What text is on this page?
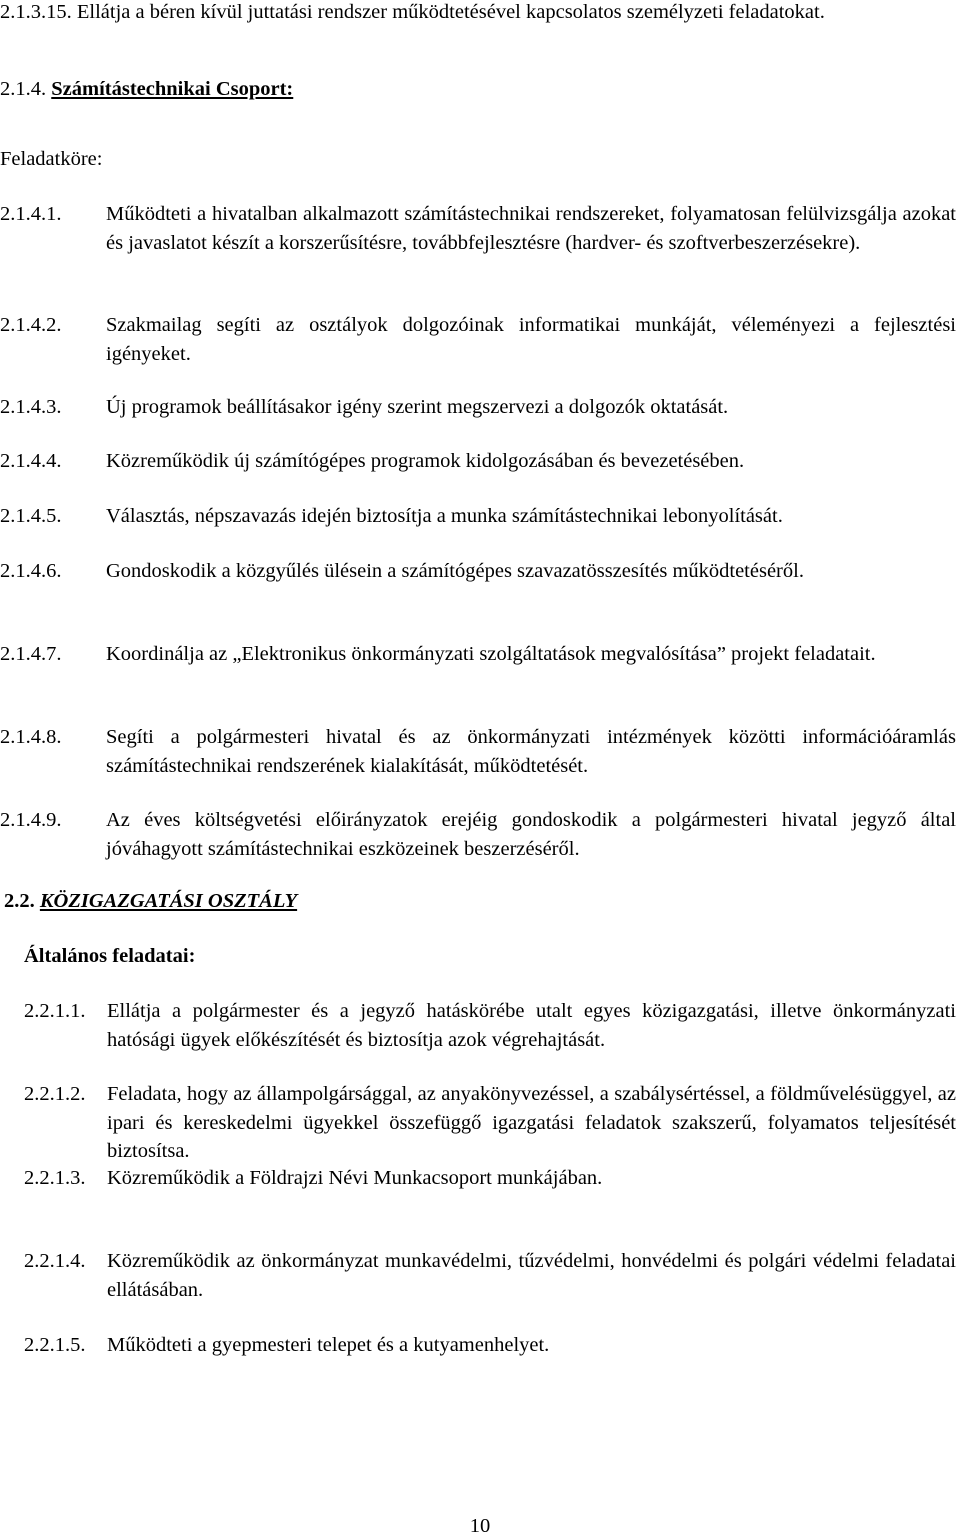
2.1.3.15. Ellátja a béren kívül juttatási rendszer működtetésével kapcsolatos személyzeti feladatokat.
2.1.4. Számítástechnikai Csoport:
Feladatköre:
2.1.4.1. Működteti a hivatalban alkalmazott számítástechnikai rendszereket, folyamatosan felülvizsgálja azokat és javaslatot készít a korszerűsítésre, továbbfejlesztésre (hardver- és szoftverbeszerzésekre).
2.1.4.2. Szakmailag segíti az osztályok dolgozóinak informatikai munkáját, véleményezi a fejlesztési igényeket.
2.1.4.3. Új programok beállításakor igény szerint megszervezi a dolgozók oktatását.
2.1.4.4. Közreműködik új számítógépes programok kidolgozásában és bevezetésében.
2.1.4.5. Választás, népszavazás idején biztosítja a munka számítástechnikai lebonyolítását.
2.1.4.6. Gondoskodik a közgyűlés ülésein a számítógépes szavazatösszesítés működtetéséről.
2.1.4.7. Koordinálja az „Elektronikus önkormányzati szolgáltatások megvalósítása” projekt feladatait.
2.1.4.8. Segíti a polgármesteri hivatal és az önkormányzati intézmények közötti információáramlás számítástechnikai rendszerének kialakítását, működtetését.
2.1.4.9. Az éves költségvetési előirányzatok erejéig gondoskodik a polgármesteri hivatal jegyző által jóváhagyott számítástechnikai eszközeinek beszerzéséről.
2.2. KÖZIGAZGATÁSI OSZTÁLY
Általános feladatai:
2.2.1.1. Ellátja a polgármester és a jegyző hatáskörébe utalt egyes közigazgatási, illetve önkormányzati hatósági ügyek előkészítését és biztosítja azok végrehajtását.
2.2.1.2. Feladata, hogy az állampolgársággal, az anyakönyvezéssel, a szabálysértéssel, a földművelésüggyel, az ipari és kereskedelmi ügyekkel összefüggő igazgatási feladatok szakszerű, folyamatos teljesítését biztosítsa.
2.2.1.3. Közreműködik a Földrajzi Névi Munkacsoport munkájában.
2.2.1.4. Közreműködik az önkormányzat munkavédelmi, tűzvédelmi, honvédelmi és polgári védelmi feladatai ellátásában.
2.2.1.5. Működteti a gyepmesteri telepet és a kutyamenhelyet.
10
